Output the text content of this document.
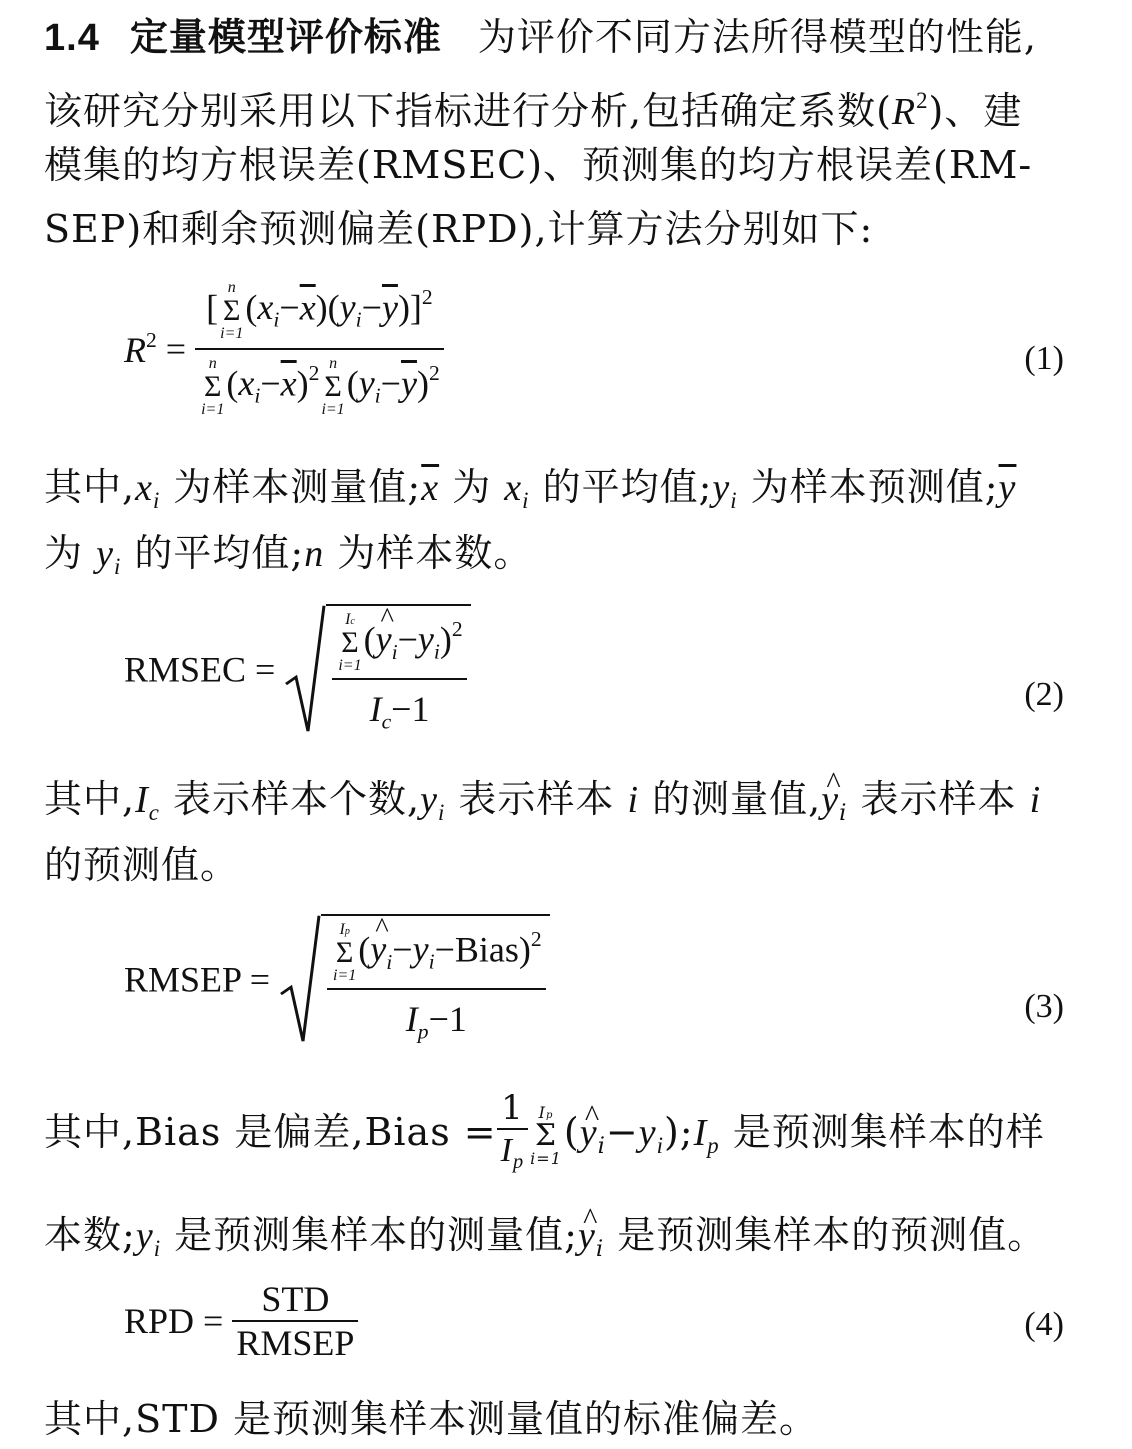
1.4 定量模型评价标准 为评价不同方法所得模型的性能,
该研究分别采用以下指标进行分析,包括确定系数$(R^2)$、建
模集的均方根误差(RMSEC)、预测集的均方根误差(RM-
SEP)和剩余预测偏差(RPD),计算方法分别如下:
$R^2$ = [ n
Σ
i=1
$(x_i-\overline{x})(y_i-\overline{y})]^2$
n
Σ
i=1
$(x_i-\overline{x})^2$ n
Σ
i=1
$(y_i-\overline{y})^2$	(1)
其中$,x_i$ 为样本测量值$;\overline{x}$ 为 $x_i$ 的平均值$;y_i$ 为样本预测值$;\overline{y}$
为 $y_i$ 的平均值;n 为样本数。
RMSEC =	Ic
Σ
i=1
(^ $y_i-y_i)^2$
$I_c-1$	(2)
其中$,I_c$ 表示样本个数$,y_i$ 表示样本 i 的测量值,^ $y_i$ 表示样本 i
的预测值。
RMSEP =	Ip
Σ
i=1
(^ $y_i-y_i-Bias)^2$
$I_p-1$	(3)
其中,Bias 是偏差,Bias = $\frac{1}{I_p}$ Ip
Σ
i=1
(^ $y_i-y_i);I_p$ 是预测集样本的样
本数$;y_i$ 是预测集样本的测量值;^ $y_i$ 是预测集样本的预测值。
RPD = $\frac{\text{STD}}{\text{RMSEP}}$	(4)
其中,STD 是预测集样本测量值的标准偏差。
